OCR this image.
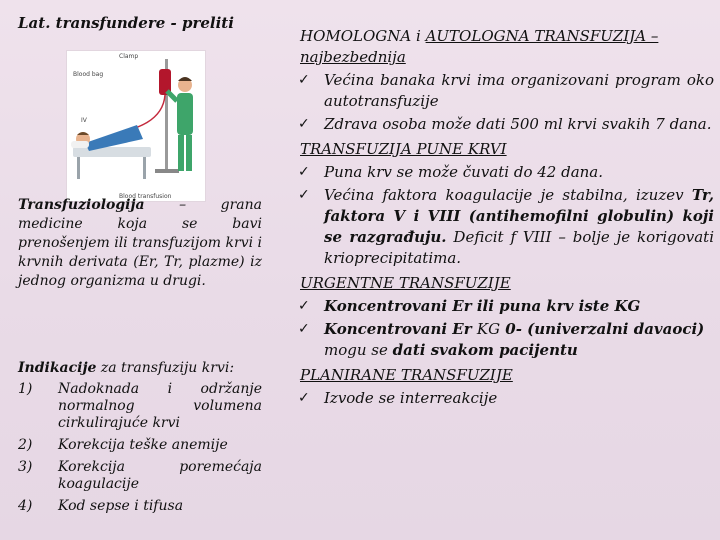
Lat. transfundere - preliti
Clamp
Blood bag
IV
Blood transfusion
Transfuziologija – grana medicine koja se bavi prenošenjem ili transfuzijom krvi i krvnih derivata (Er, Tr, plazme) iz jednog organizma u drugi.
Indikacije za transfuziju krvi:
1)	Nadoknada i održanje normalnog volumena cirkulirajuće krvi
2)	Korekcija teške anemije
3)	Korekcija poremećaja koagulacije
4)	Kod sepse i tifusa
HOMOLOGNA i AUTOLOGNA TRANSFUZIJA – najbezbednija
✓ Većina banaka krvi ima organizovani program oko autotransfuzije
✓ Zdrava osoba može dati 500 ml krvi svakih 7 dana.
TRANSFUZIJA PUNE KRVI
✓ Puna krv se može čuvati do 42 dana.
✓ Većina faktora koagulacije je stabilna, izuzev Tr, faktora V i VIII (antihemofilni globulin) koji se razgrađuju. Deficit f VIII – bolje je korigovati krioprecipitatima.
URGENTNE TRANSFUZIJE
✓ Koncentrovani Er ili puna krv iste KG
✓ Koncentrovani Er KG 0- (univerzalni davaoci)
mogu se dati svakom pacijentu
PLANIRANE TRANSFUZIJE
✓ Izvode se interreakcije
